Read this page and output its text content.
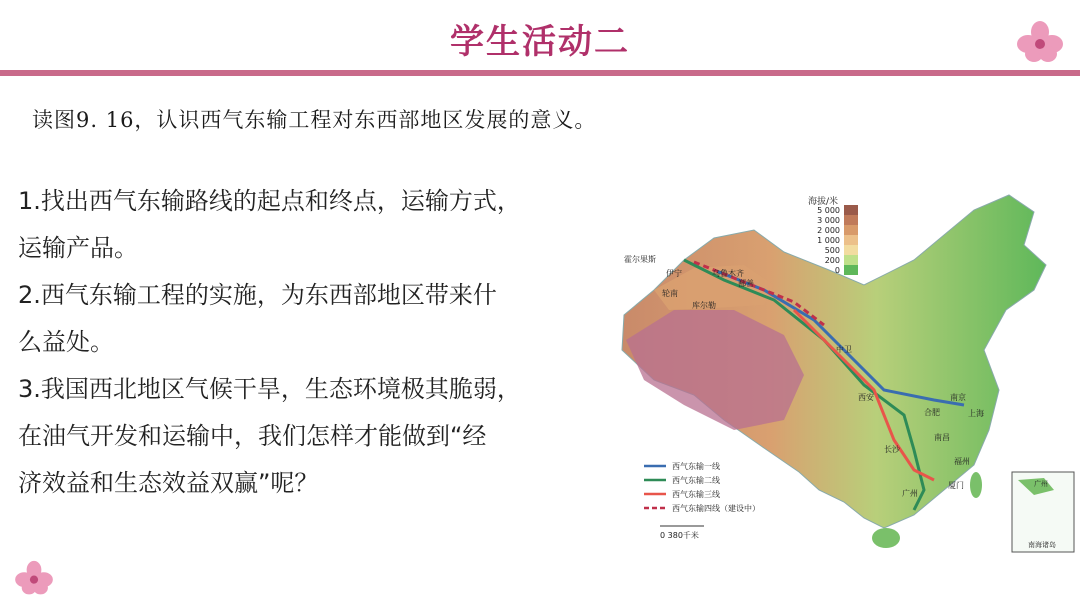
学生活动二
读图9. 16，认识西气东输工程对东西部地区发展的意义。
1.找出西气东输路线的起点和终点，运输方式，
运输产品。
2.西气东输工程的实施，为东西部地区带来什
么益处。
3.我国西北地区气候干旱，生态环境极其脆弱，
在油气开发和运输中，我们怎样才能做到“经
济效益和生态效益双赢”呢？
霍尔果斯
伊宁	乌鲁木齐
鄯善
库尔勒
轮南
中卫
西安
合肥
南京
上海
南昌
长沙
福州
广州
厦门
海拔/米
5 000
3 000
2 000
1 000
500
200
0
西气东输一线
西气东输二线
西气东输三线
西气东输四线（建设中）
0 380千米
广州
南海诸岛
